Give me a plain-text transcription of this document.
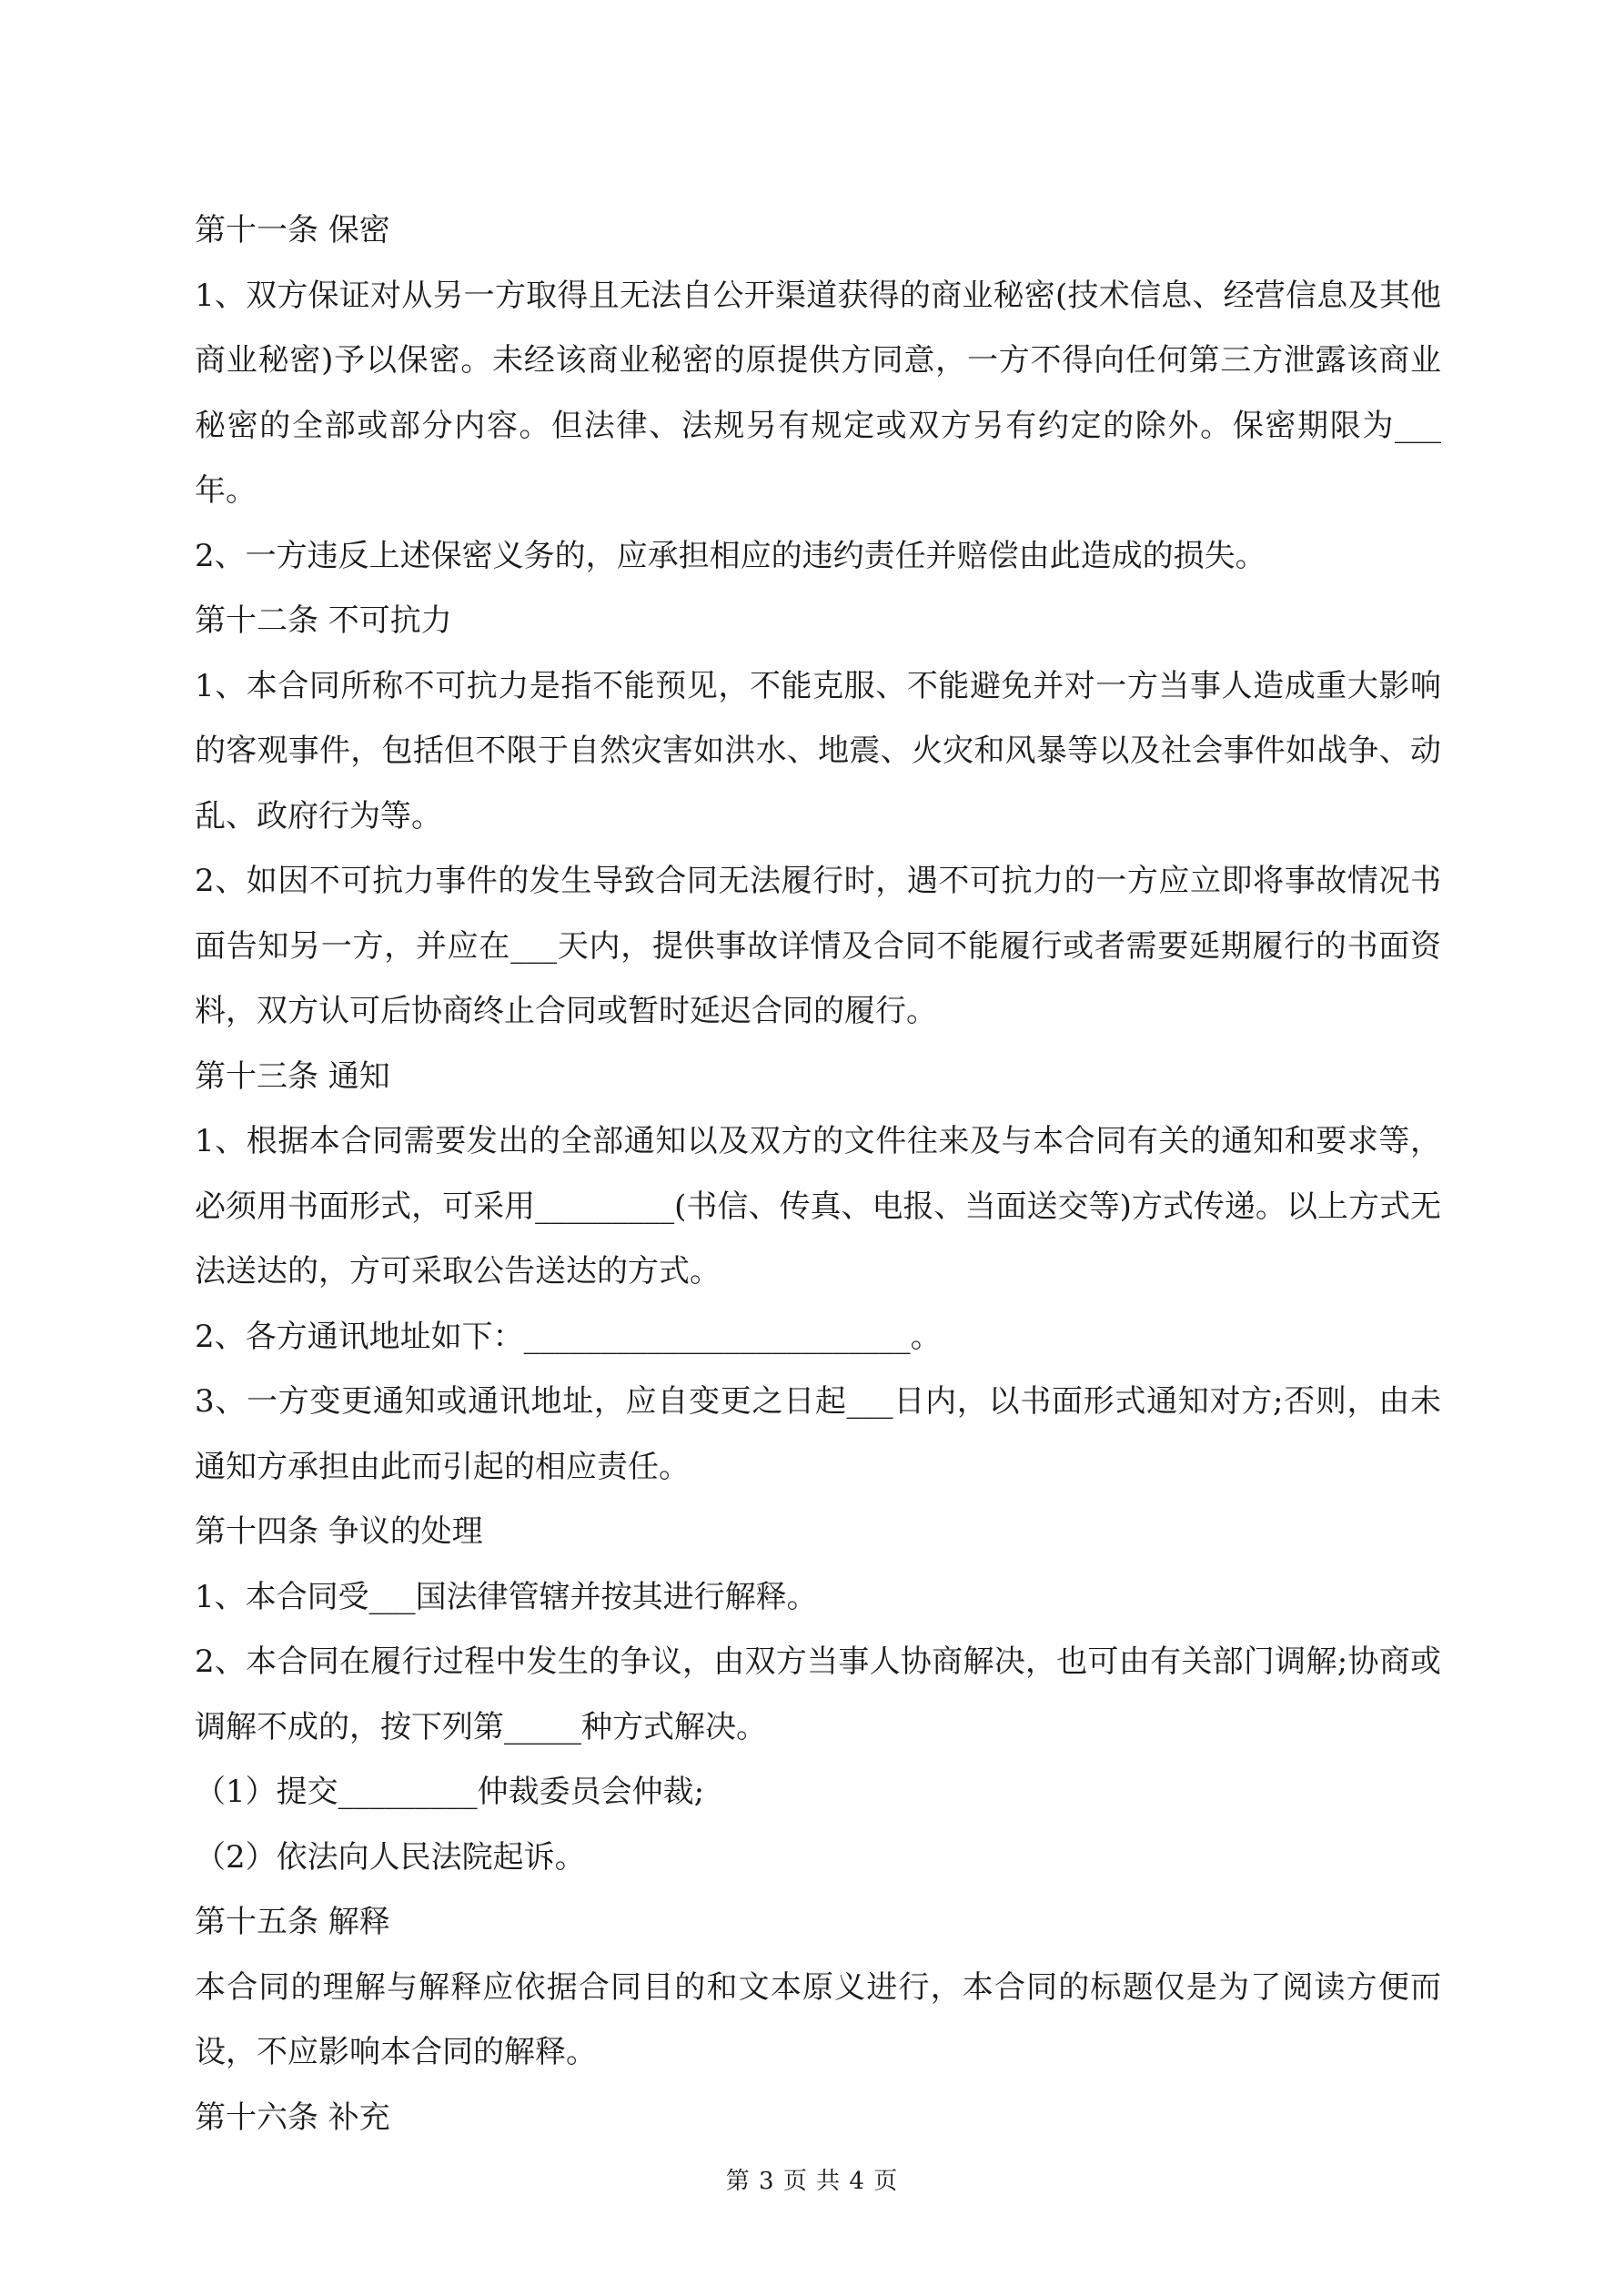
第十一条 保密

1、双方保证对从另一方取得且无法自公开渠道获得的商业秘密(技术信息、经营信息及其他商业秘密)予以保密。未经该商业秘密的原提供方同意，一方不得向任何第三方泄露该商业秘密的全部或部分内容。但法律、法规另有规定或双方另有约定的除外。保密期限为___年。

2、一方违反上述保密义务的，应承担相应的违约责任并赔偿由此造成的损失。

第十二条 不可抗力

1、本合同所称不可抗力是指不能预见，不能克服、不能避免并对一方当事人造成重大影响的客观事件，包括但不限于自然灾害如洪水、地震、火灾和风暴等以及社会事件如战争、动乱、政府行为等。

2、如因不可抗力事件的发生导致合同无法履行时，遇不可抗力的一方应立即将事故情况书面告知另一方，并应在___天内，提供事故详情及合同不能履行或者需要延期履行的书面资料，双方认可后协商终止合同或暂时延迟合同的履行。

第十三条 通知

1、根据本合同需要发出的全部通知以及双方的文件往来及与本合同有关的通知和要求等，必须用书面形式，可采用_________(书信、传真、电报、当面送交等)方式传递。以上方式无法送达的，方可采取公告送达的方式。

2、各方通讯地址如下：_________________________。

3、一方变更通知或通讯地址，应自变更之日起___日内，以书面形式通知对方;否则，由未通知方承担由此而引起的相应责任。

第十四条 争议的处理

1、本合同受___国法律管辖并按其进行解释。

2、本合同在履行过程中发生的争议，由双方当事人协商解决，也可由有关部门调解;协商或调解不成的，按下列第_____种方式解决。

（1）提交_________仲裁委员会仲裁;

（2）依法向人民法院起诉。

第十五条 解释

本合同的理解与解释应依据合同目的和文本原义进行，本合同的标题仅是为了阅读方便而设，不应影响本合同的解释。

第十六条 补充

第 3 页 共 4 页
